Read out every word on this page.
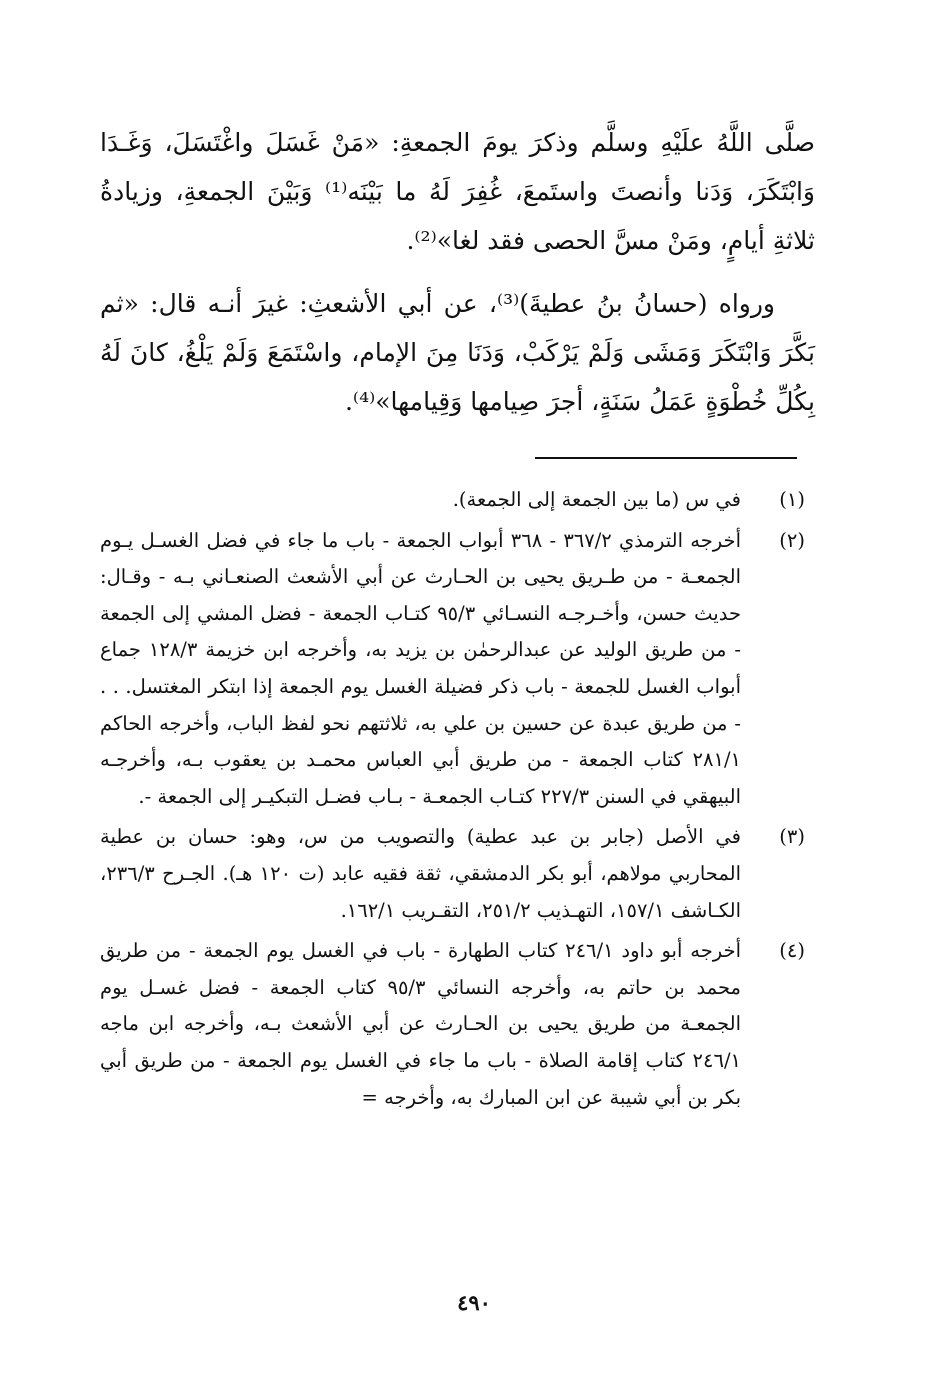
صلَّى اللَّهُ علَيْهِ وسلَّم وذكرَ يومَ الجمعةِ: «مَنْ غَسَلَ واغْتَسَلَ، وَغَـدَا وَابْتَكَرَ، وَدَنا وأنصتَ واستَمعَ، غُفِرَ لَهُ ما بَيْنَه⁽¹⁾ وَبَيْنَ الجمعةِ، وزيادةُ ثلاثةِ أيامٍ، ومَنْ مسَّ الحصى فقد لغا»⁽²⁾.

ورواه (حسانُ بنُ عطيةَ)⁽³⁾، عن أبي الأشعثِ: غيرَ أنـه قال: «ثم بَكَّرَ وَابْتَكَرَ وَمَشَى وَلَمْ يَرْكَبْ، وَدَنَا مِنَ الإمام، واسْتَمَعَ وَلَمْ يَلْغُ، كانَ لَهُ بِكُلِّ خُطْوَةٍ عَمَلُ سَنَةٍ، أجرَ صِيامها وَقِيامها»⁽⁴⁾.

(١)
في س (ما بين الجمعة إلى الجمعة).
(٢)
أخرجه الترمذي ٣٦٧/٢ - ٣٦٨ أبواب الجمعة - باب ما جاء في فضل الغسـل يـوم الجمعـة - من طـريق يحيى بن الحـارث عن أبي الأشعث الصنعـاني بـه - وقـال: حديث حسن، وأخـرجـه النسـائي ٩٥/٣ كتـاب الجمعة - فضل المشي إلى الجمعة - من طريق الوليد عن عبدالرحمٰن بن يزيد به، وأخرجه ابن خزيمة ١٢٨/٣ جماع أبواب الغسل للجمعة - باب ذكر فضيلة الغسل يوم الجمعة إذا ابتكر المغتسل. . . - من طريق عبدة عن حسين بن علي به، ثلاثتهم نحو لفظ الباب، وأخرجه الحاكم ٢٨١/١ كتاب الجمعة - من طريق أبي العباس محمـد بن يعقوب بـه، وأخرجـه البيهقي في السنن ٢٢٧/٣ كتـاب الجمعـة - بـاب فضـل التبكيـر إلى الجمعة -.
(٣)
في الأصل (جابر بن عبد عطية) والتصويب من س، وهو: حسان بن عطية المحاربي مولاهم، أبو بكر الدمشقي، ثقة فقيه عابد (ت ١٢٠ هـ). الجـرح ٢٣٦/٣، الكـاشف ١٥٧/١، التهـذيب ٢٥١/٢، التقـريب ١٦٢/١.
(٤)
أخرجه أبو داود ٢٤٦/١ كتاب الطهارة - باب في الغسل يوم الجمعة - من طريق محمد بن حاتم به، وأخرجه النسائي ٩٥/٣ كتاب الجمعة - فضل غسـل يوم الجمعـة من طريق يحيى بن الحـارث عن أبي الأشعث بـه، وأخرجه ابن ماجه ٢٤٦/١ كتاب إقامة الصلاة - باب ما جاء في الغسل يوم الجمعة - من طريق أبي بكر بن أبي شيبة عن ابن المبارك به، وأخرجه =
٤٩٠
